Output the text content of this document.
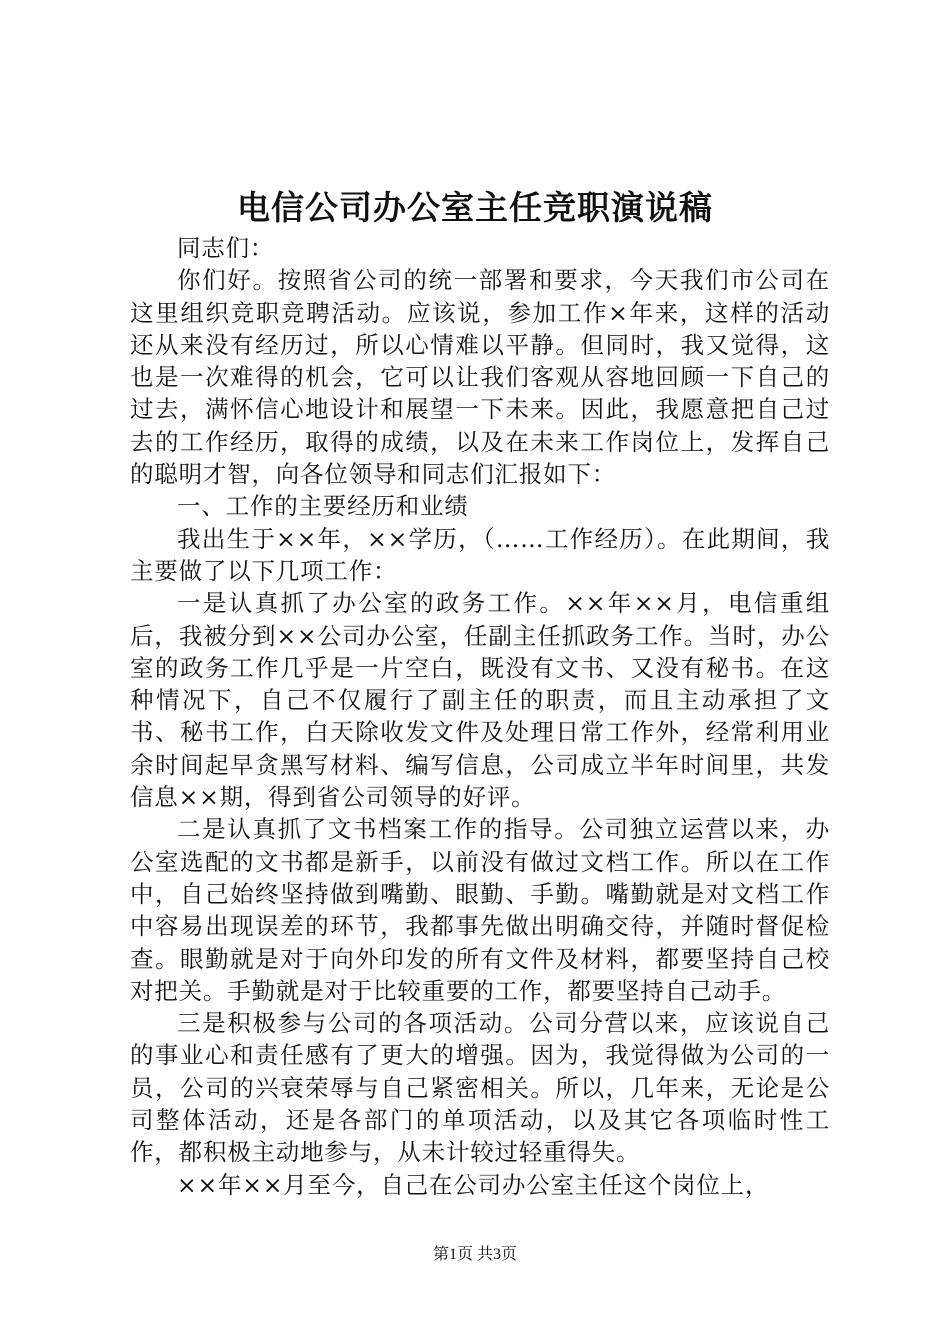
电信公司办公室主任竞职演说稿

同志们：

你们好。按照省公司的统一部署和要求，今天我们市公司在这里组织竞职竞聘活动。应该说，参加工作×年来，这样的活动还从来没有经历过，所以心情难以平静。但同时，我又觉得，这也是一次难得的机会，它可以让我们客观从容地回顾一下自己的过去，满怀信心地设计和展望一下未来。因此，我愿意把自己过去的工作经历，取得的成绩，以及在未来工作岗位上，发挥自己的聪明才智，向各位领导和同志们汇报如下：

一、工作的主要经历和业绩

我出生于××年，××学历，（……工作经历）。在此期间，我主要做了以下几项工作：

一是认真抓了办公室的政务工作。××年××月，电信重组后，我被分到××公司办公室，任副主任抓政务工作。当时，办公室的政务工作几乎是一片空白，既没有文书、又没有秘书。在这种情况下，自己不仅履行了副主任的职责，而且主动承担了文书、秘书工作，白天除收发文件及处理日常工作外，经常利用业余时间起早贪黑写材料、编写信息，公司成立半年时间里，共发信息××期，得到省公司领导的好评。

二是认真抓了文书档案工作的指导。公司独立运营以来，办公室选配的文书都是新手，以前没有做过文档工作。所以在工作中，自己始终坚持做到嘴勤、眼勤、手勤。嘴勤就是对文档工作中容易出现误差的环节，我都事先做出明确交待，并随时督促检查。眼勤就是对于向外印发的所有文件及材料，都要坚持自己校对把关。手勤就是对于比较重要的工作，都要坚持自己动手。

三是积极参与公司的各项活动。公司分营以来，应该说自己的事业心和责任感有了更大的增强。因为，我觉得做为公司的一员，公司的兴衰荣辱与自己紧密相关。所以，几年来，无论是公司整体活动，还是各部门的单项活动，以及其它各项临时性工作，都积极主动地参与，从未计较过轻重得失。

××年××月至今，自己在公司办公室主任这个岗位上，

第1页 共3页
